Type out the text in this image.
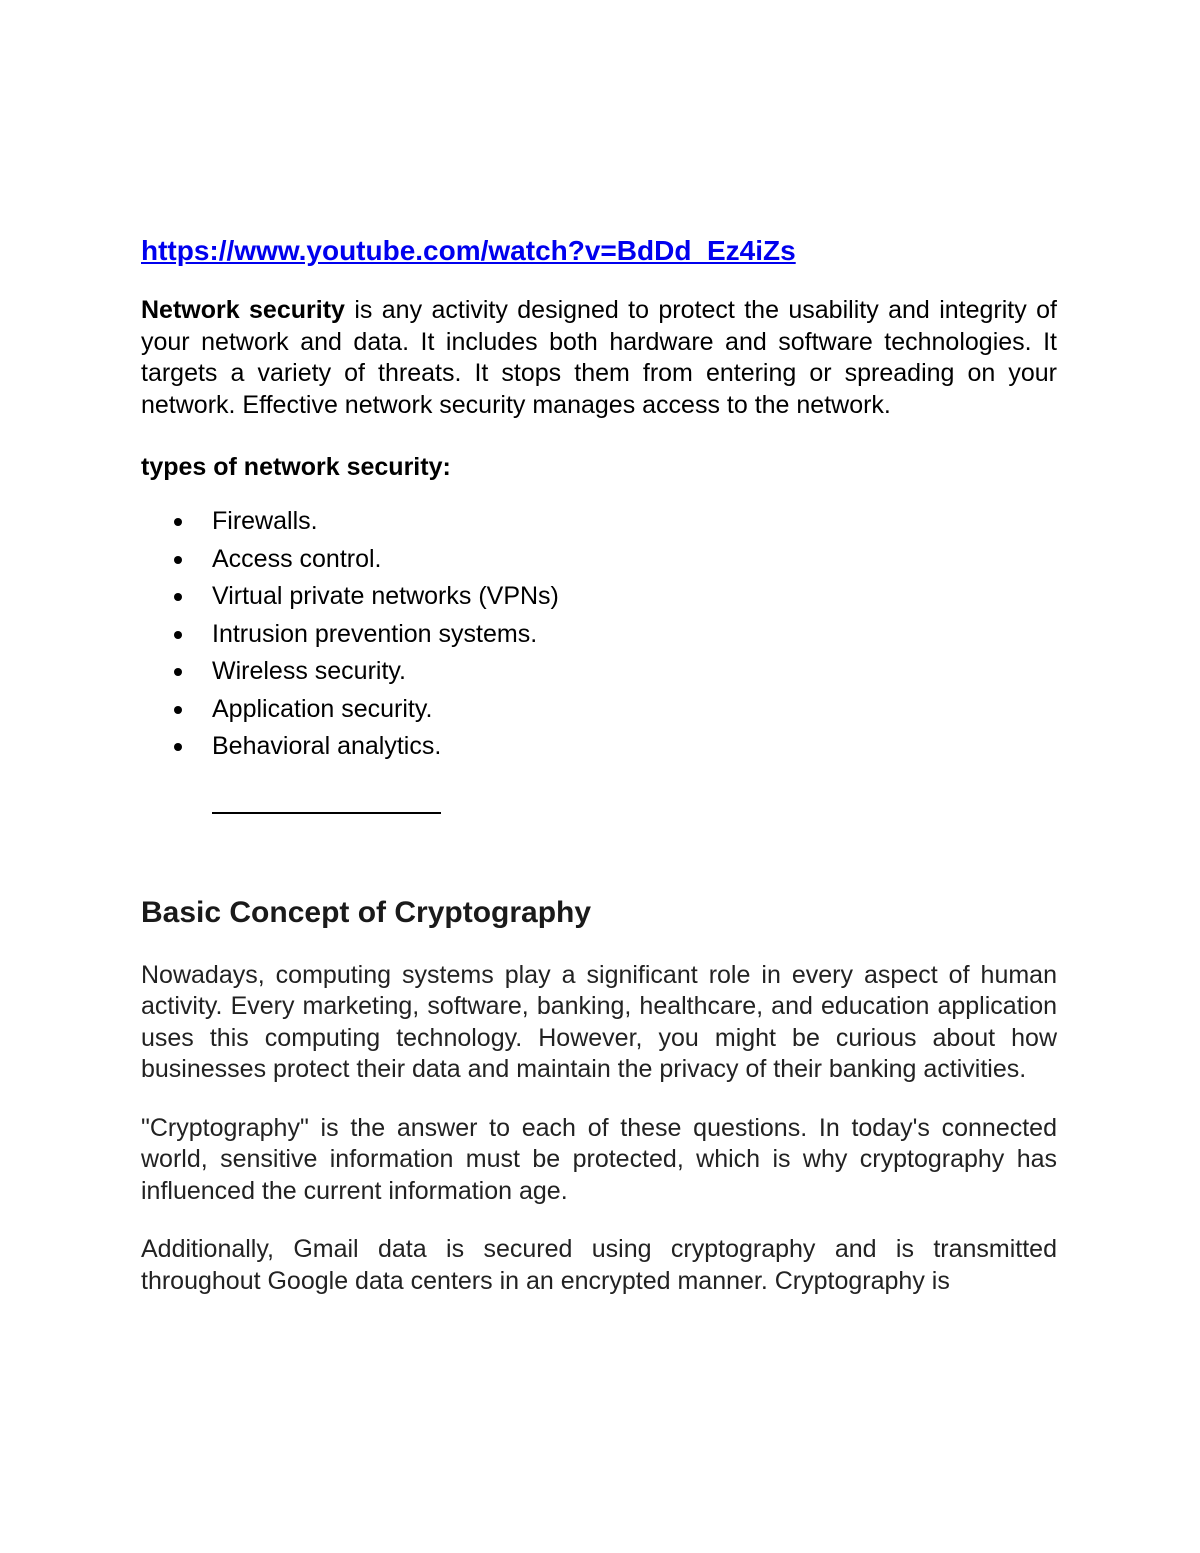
https://www.youtube.com/watch?v=BdDd_Ez4iZs

Network security is any activity designed to protect the usability and integrity of your network and data. It includes both hardware and software technologies. It targets a variety of threats. It stops them from entering or spreading on your network. Effective network security manages access to the network.

types of network security:
Firewalls.
Access control.
Virtual private networks (VPNs)
Intrusion prevention systems.
Wireless security.
Application security.
Behavioral analytics.
Basic Concept of Cryptography

Nowadays, computing systems play a significant role in every aspect of human activity. Every marketing, software, banking, healthcare, and education application uses this computing technology. However, you might be curious about how businesses protect their data and maintain the privacy of their banking activities.

"Cryptography" is the answer to each of these questions. In today's connected world, sensitive information must be protected, which is why cryptography has influenced the current information age.

Additionally, Gmail data is secured using cryptography and is transmitted throughout Google data centers in an encrypted manner. Cryptography is
